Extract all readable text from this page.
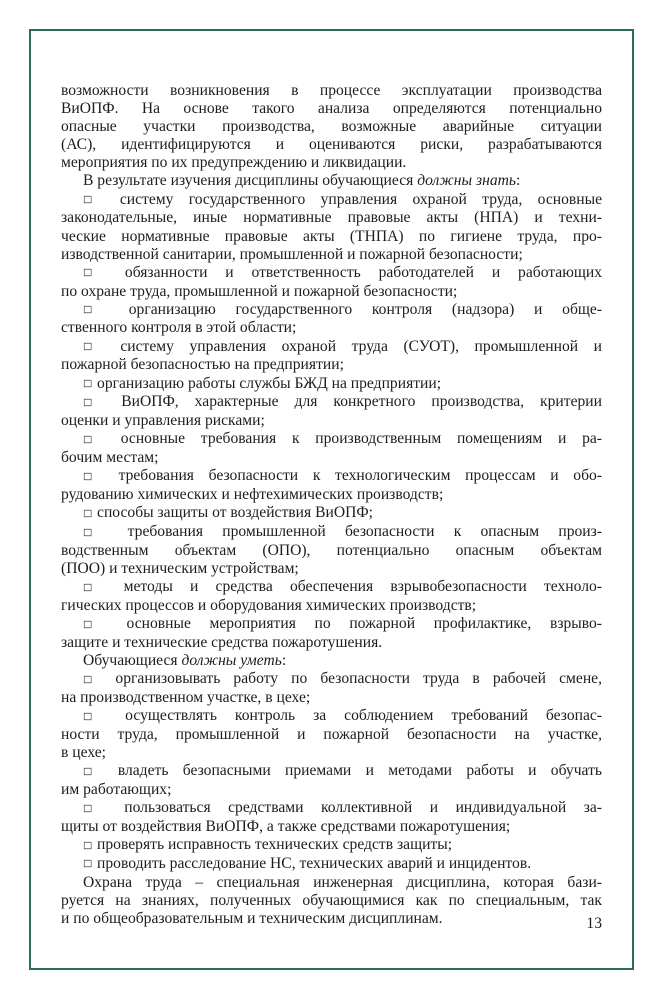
возможности возникновения в процессе эксплуатации производства
ВиОПФ. На основе такого анализа определяются потенциально
опасные участки производства, возможные аварийные ситуации
(АС), идентифицируются и оцениваются риски, разрабатываются
мероприятия по их предупреждению и ликвидации.
В результате изучения дисциплины обучающиеся должны знать:
□ систему государственного управления охраной труда, основные
законодательные, иные нормативные правовые акты (НПА) и техни-
ческие нормативные правовые акты (ТНПА) по гигиене труда, про-
изводственной санитарии, промышленной и пожарной безопасности;
□ обязанности и ответственность работодателей и работающих
по охране труда, промышленной и пожарной безопасности;
□ организацию государственного контроля (надзора) и обще-
ственного контроля в этой области;
□ систему управления охраной труда (СУОТ), промышленной и
пожарной безопасностью на предприятии;
□ организацию работы службы БЖД на предприятии;
□ ВиОПФ, характерные для конкретного производства, критерии
оценки и управления рисками;
□ основные требования к производственным помещениям и ра-
бочим местам;
□ требования безопасности к технологическим процессам и обо-
рудованию химических и нефтехимических производств;
□ способы защиты от воздействия ВиОПФ;
□ требования промышленной безопасности к опасным произ-
водственным объектам (ОПО), потенциально опасным объектам
(ПОО) и техническим устройствам;
□ методы и средства обеспечения взрывобезопасности техноло-
гических процессов и оборудования химических производств;
□ основные мероприятия по пожарной профилактике, взрыво-
защите и технические средства пожаротушения.
Обучающиеся должны уметь:
□ организовывать работу по безопасности труда в рабочей смене,
на производственном участке, в цехе;
□ осуществлять контроль за соблюдением требований безопас-
ности труда, промышленной и пожарной безопасности на участке,
в цехе;
□ владеть безопасными приемами и методами работы и обучать
им работающих;
□ пользоваться средствами коллективной и индивидуальной за-
щиты от воздействия ВиОПФ, а также средствами пожаротушения;
□ проверять исправность технических средств защиты;
□ проводить расследование НС, технических аварий и инцидентов.
Охрана труда – специальная инженерная дисциплина, которая бази-
руется на знаниях, полученных обучающимися как по специальным, так
и по общеобразовательным и техническим дисциплинам.	13
